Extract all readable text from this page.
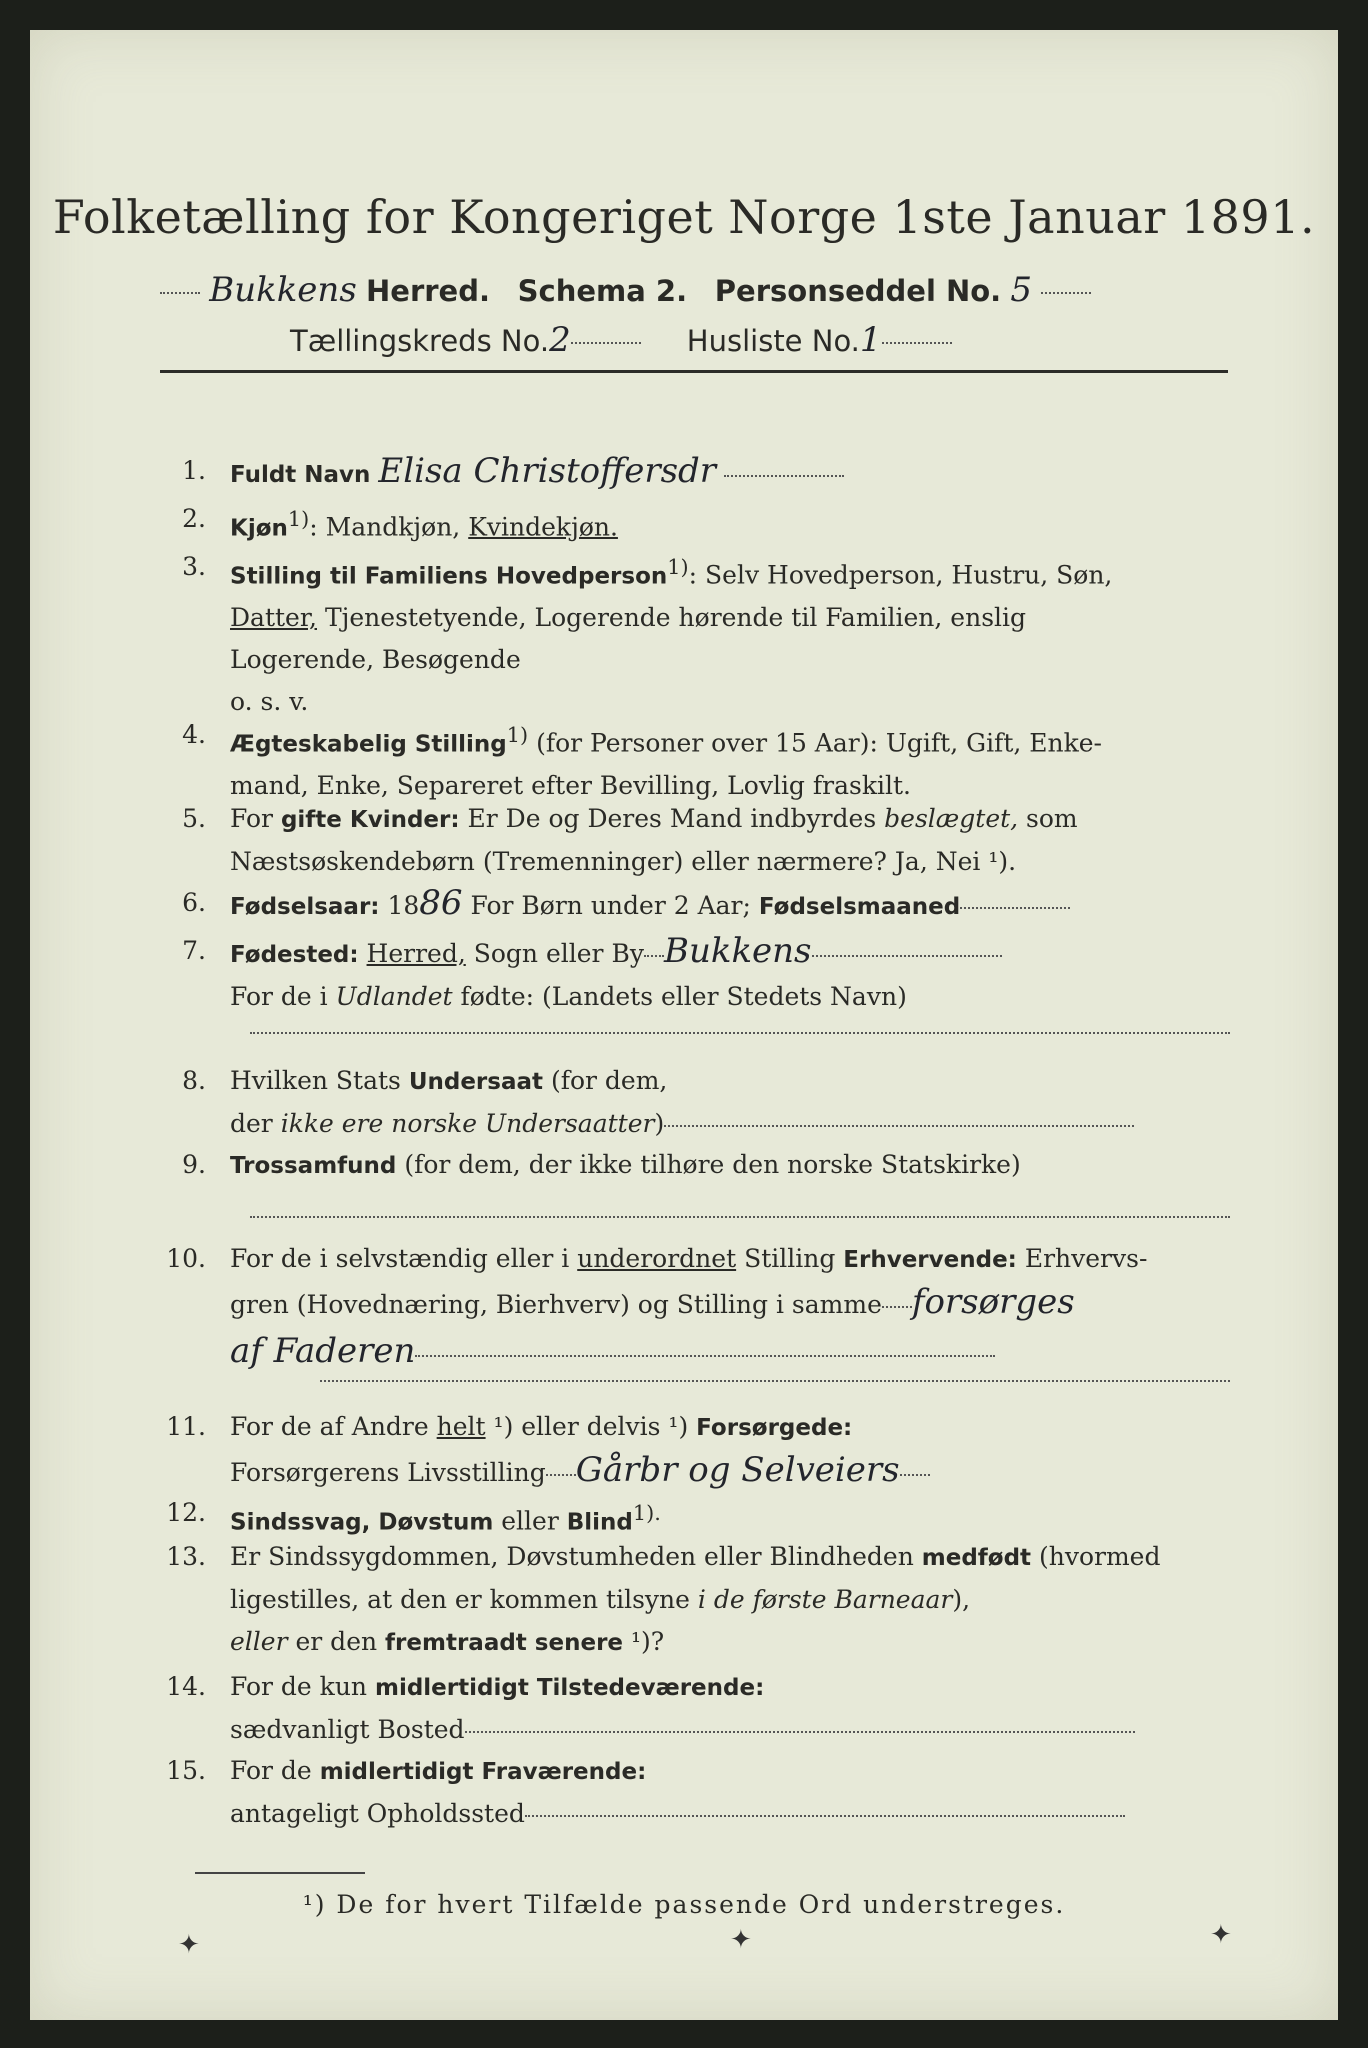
Folketælling for Kongeriget Norge 1ste Januar 1891.
Bukkens Herred. Schema 2. Personseddel No. 5
Tællingskreds No.2	Husliste No.1
1. Fuldt Navn Elisa Christoffersdr
2. Kjøn$^{1)}$: Mandkjøn, Kvindekjøn.
3. Stilling til Familiens Hovedperson$^{1)}$: Selv Hovedperson, Hustru, Søn,
Datter, Tjenestetyende, Logerende hørende til Familien, enslig
Logerende, Besøgende
o. s. v.
4. Ægteskabelig Stilling$^{1)}$ (for Personer over 15 Aar): Ugift, Gift, Enke-
mand, Enke, Separeret efter Bevilling, Lovlig fraskilt.
5. For gifte Kvinder: Er De og Deres Mand indbyrdes beslægtet, som
Næstsøskendebørn (Tremenninger) eller nærmere? Ja, Nei ¹).
6. Fødselsaar: 1886 For Børn under 2 Aar; Fødselsmaaned
7. Fødested: Herred, Sogn eller By Bukkens
For de i Udlandet fødte: (Landets eller Stedets Navn)
8. Hvilken Stats Undersaat (for dem,
der ikke ere norske Undersaatter)
9. Trossamfund (for dem, der ikke tilhøre den norske Statskirke)
10. For de i selvstændig eller i underordnet Stilling Erhvervende: Erhvervs-
gren (Hovednæring, Bierhverv) og Stilling i samme forsørges
af Faderen
11. For de af Andre helt ¹) eller delvis ¹) Forsørgede:
Forsørgerens Livsstilling Gårbr og Selveiers
12. Sindssvag, Døvstum eller Blind$^{1).}$
13. Er Sindssygdommen, Døvstumheden eller Blindheden medfødt (hvormed
ligestilles, at den er kommen tilsyne i de første Barneaar),
eller er den fremtraadt senere ¹)?
14. For de kun midlertidigt Tilstedeværende:
sædvanligt Bosted
15. For de midlertidigt Fraværende:
antageligt Opholdssted
¹) De for hvert Tilfælde passende Ord understreges.
✦	✦	✦
